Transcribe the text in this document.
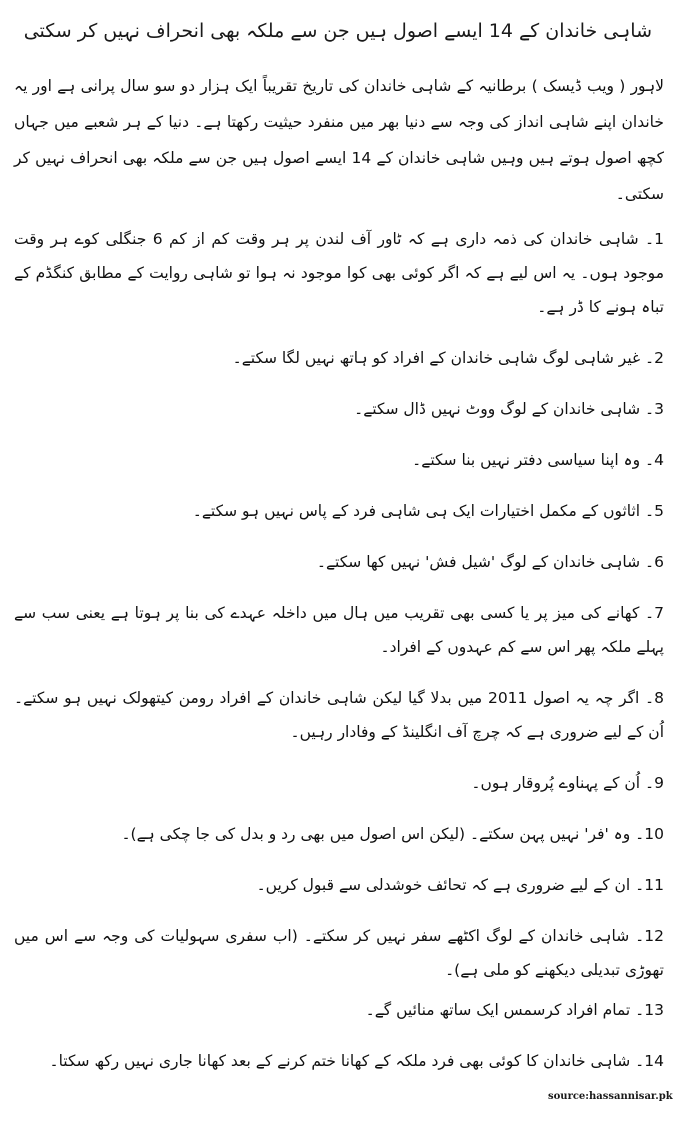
شاہی خاندان کے 14 ایسے اصول ہیں جن سے ملکہ بھی انحراف نہیں کر سکتی

لاہور ( ویب ڈیسک ) برطانیہ کے شاہی خاندان کی تاریخ تقریباً ایک ہزار دو سو سال پرانی ہے اور یہ خاندان اپنے شاہی انداز کی وجہ سے دنیا بھر میں منفرد حیثیت رکھتا ہے۔ دنیا کے ہر شعبے میں جہاں کچھ اصول ہوتے ہیں وہیں شاہی خاندان کے 14 ایسے اصول ہیں جن سے ملکہ بھی انحراف نہیں کر سکتی۔

1۔ شاہی خاندان کی ذمہ داری ہے کہ ٹاور آف لندن پر ہر وقت کم از کم 6 جنگلی کوے ہر وقت موجود ہوں۔ یہ اس لیے ہے کہ اگر کوئی بھی کوا موجود نہ ہوا تو شاہی روایت کے مطابق کنگڈم کے تباہ ہونے کا ڈر ہے۔
2۔ غیر شاہی لوگ شاہی خاندان کے افراد کو ہاتھ نہیں لگا سکتے۔
3۔ شاہی خاندان کے لوگ ووٹ نہیں ڈال سکتے۔
4۔ وہ اپنا سیاسی دفتر نہیں بنا سکتے۔
5۔ اثاثوں کے مکمل اختیارات ایک ہی شاہی فرد کے پاس نہیں ہو سکتے۔
6۔ شاہی خاندان کے لوگ 'شیل فش' نہیں کھا سکتے۔
7۔ کھانے کی میز پر یا کسی بھی تقریب میں ہال میں داخلہ عہدے کی بنا پر ہوتا ہے یعنی سب سے پہلے ملکہ پھر اس سے کم عہدوں کے افراد۔
8۔ اگر چہ یہ اصول 2011 میں بدلا گیا لیکن شاہی خاندان کے افراد رومن کیتھولک نہیں ہو سکتے۔ اُن کے لیے ضروری ہے کہ چرچ آف انگلینڈ کے وفادار رہیں۔
9۔ اُن کے پہناوے پُروقار ہوں۔
10۔ وہ 'فر' نہیں پہن سکتے۔ (لیکن اس اصول میں بھی رد و بدل کی جا چکی ہے)۔
11۔ ان کے لیے ضروری ہے کہ تحائف خوشدلی سے قبول کریں۔
12۔ شاہی خاندان کے لوگ اکٹھے سفر نہیں کر سکتے۔ (اب سفری سہولیات کی وجہ سے اس میں تھوڑی تبدیلی دیکھنے کو ملی ہے)۔
13۔ تمام افراد کرسمس ایک ساتھ منائیں گے۔
14۔ شاہی خاندان کا کوئی بھی فرد ملکہ کے کھانا ختم کرنے کے بعد کھانا جاری نہیں رکھ سکتا۔
source:hassannisar.pk
